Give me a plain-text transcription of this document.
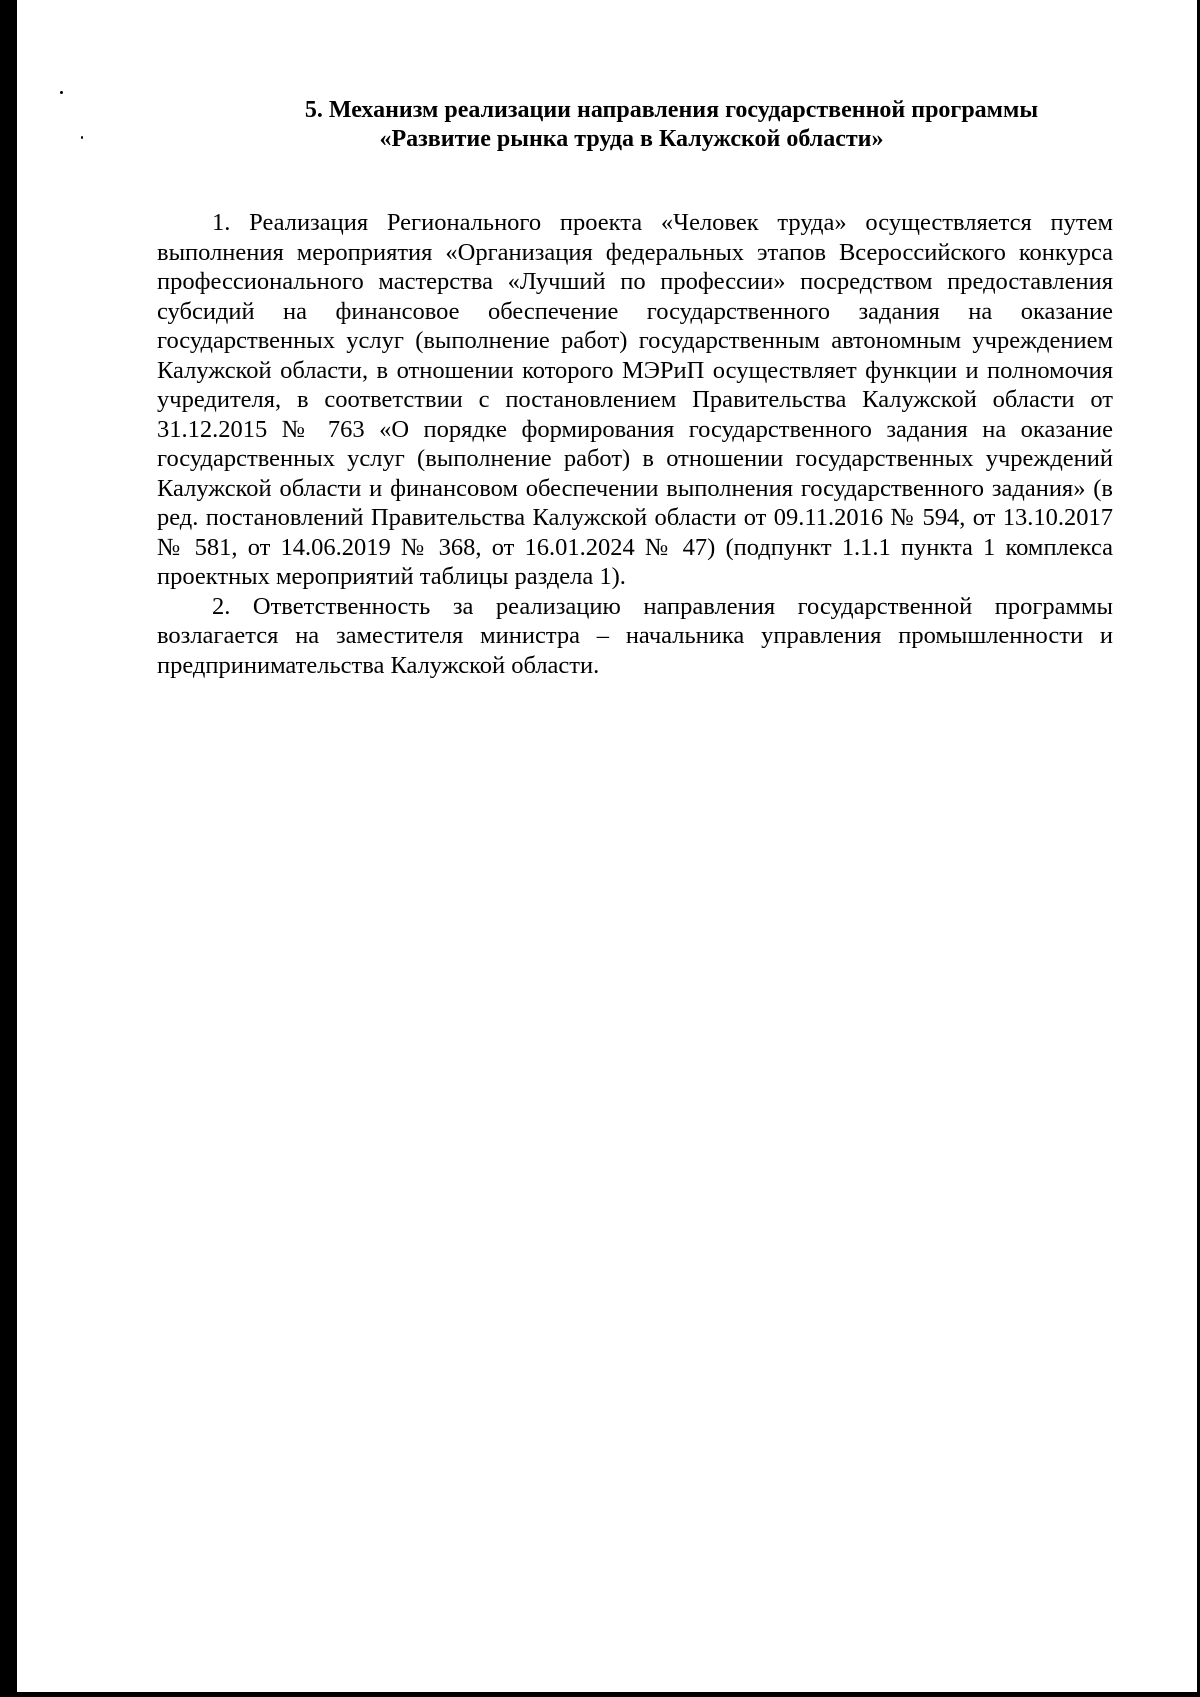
5. Механизм реализации направления государственной программы
«Развитие рынка труда в Калужской области»

1. Реализация Регионального проекта «Человек труда» осуществляется путем выполнения мероприятия «Организация федеральных этапов Всероссийского конкурса профессионального мастерства «Лучший по профессии» посредством предоставления субсидий на финансовое обеспечение государственного задания на оказание государственных услуг (выполнение работ) государственным автономным учреждением Калужской области, в отношении которого МЭРиП осуществляет функции и полномочия учредителя, в соответствии с постановлением Правительства Калужской области от 31.12.2015 № 763 «О порядке формирования государственного задания на оказание государственных услуг (выполнение работ) в отношении государственных учреждений Калужской области и финансовом обеспечении выполнения государственного задания» (в ред. постановлений Правительства Калужской области от 09.11.2016 № 594, от 13.10.2017 № 581, от 14.06.2019 № 368, от 16.01.2024 № 47) (подпункт 1.1.1 пункта 1 комплекса проектных мероприятий таблицы раздела 1).

2. Ответственность за реализацию направления государственной программы возлагается на заместителя министра – начальника управления промышленности и предпринимательства Калужской области.
